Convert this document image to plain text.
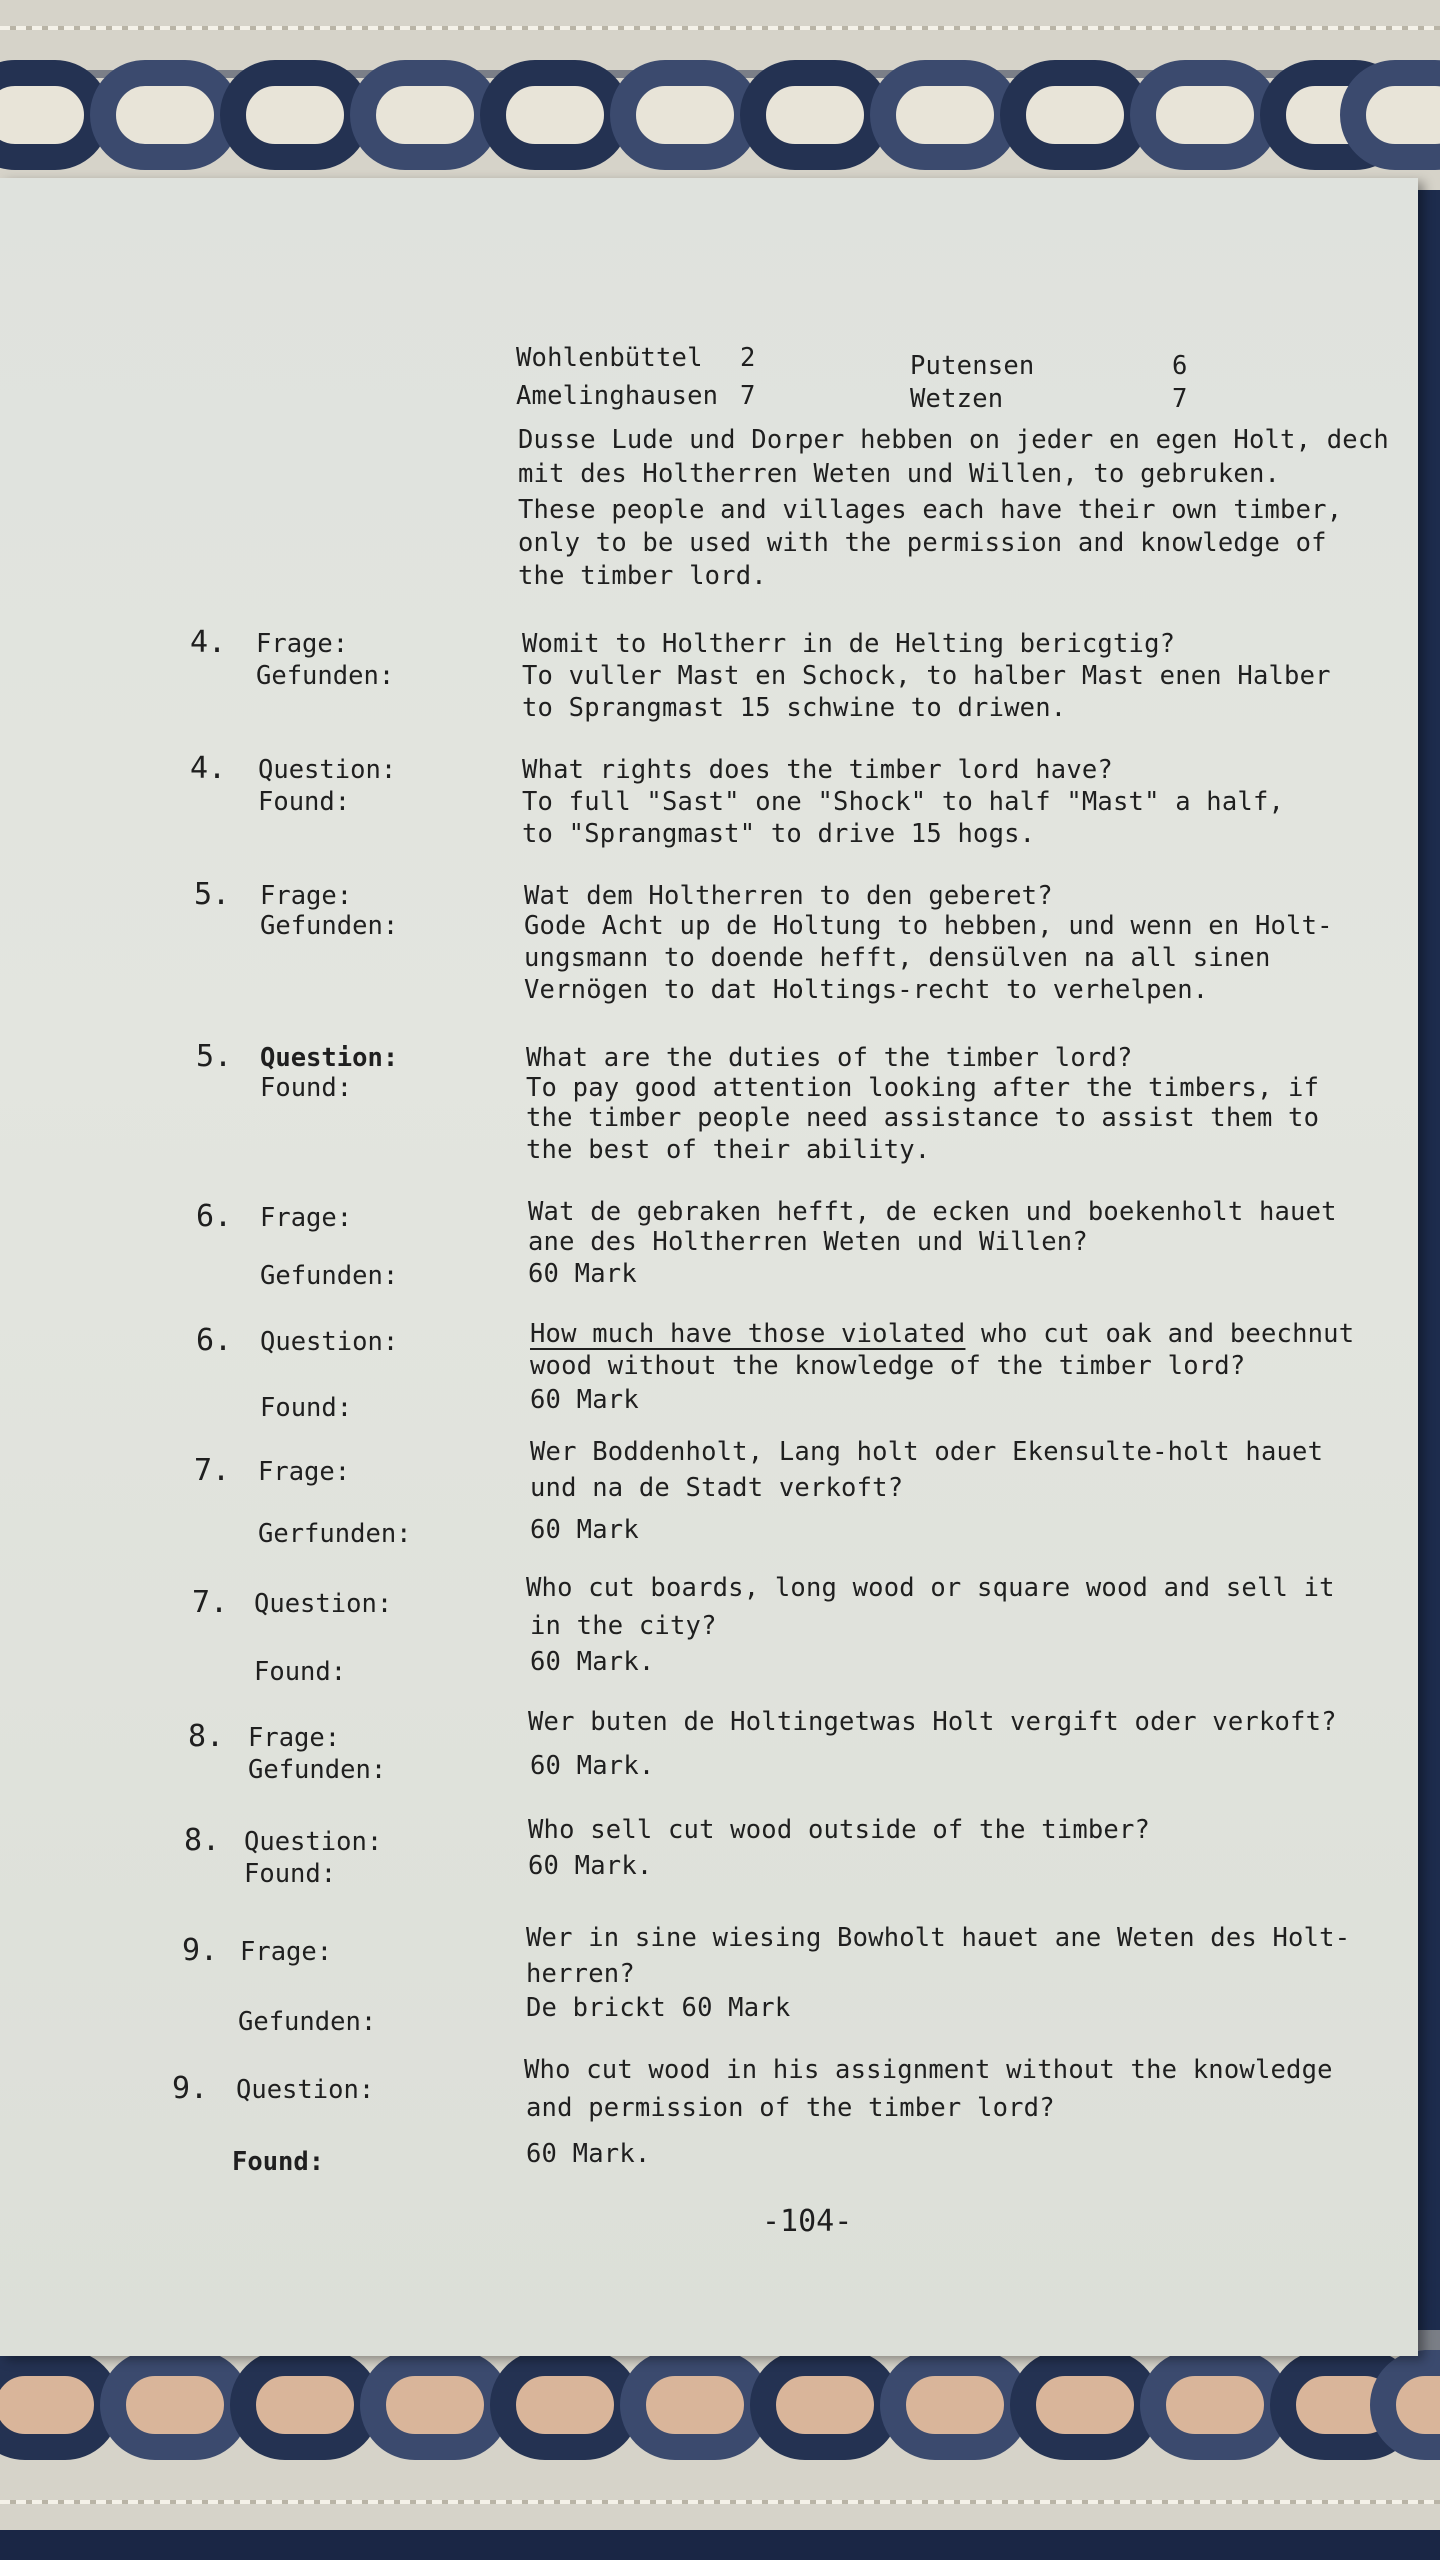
Wohlenbüttel 2
Amelinghausen 7
Putensen	6
Wetzen	7
Dusse Lude und Dorper hebben on jeder en egen Holt, dech
mit des Holtherren Weten und Willen, to gebruken.
These people and villages each have their own timber,
only to be used with the permission and knowledge of
the timber lord.
4. Frage:
Gefunden:
Womit to Holtherr in de Helting bericgtig?
To vuller Mast en Schock, to halber Mast enen Halber
to Sprangmast 15 schwine to driwen.
4. Question:
Found:
What rights does the timber lord have?
To full "Sast" one "Shock" to half "Mast" a half,
to "Sprangmast" to drive 15 hogs.
5. Frage:
Gefunden:
Wat dem Holtherren to den geberet?
Gode Acht up de Holtung to hebben, und wenn en Holt-
ungsmann to doende hefft, densülven na all sinen
Vernögen to dat Holtings-recht to verhelpen.
5. Question:
Found:
What are the duties of the timber lord?
To pay good attention looking after the timbers, if
the timber people need assistance to assist them to
the best of their ability.
6. Frage:
Gefunden:
Wat de gebraken hefft, de ecken und boekenholt hauet
ane des Holtherren Weten und Willen?
60 Mark
6. Question:
Found:
How much have those violated who cut oak and beechnut
wood without the knowledge of the timber lord?
60 Mark
7. Frage:
Gerfunden:
Wer Boddenholt, Lang holt oder Ekensulte-holt hauet
und na de Stadt verkoft?
60 Mark
7. Question:
Found:
Who cut boards, long wood or square wood and sell it
in the city?
60 Mark.
8. Frage:
Gefunden:
Wer buten de Holtingetwas Holt vergift oder verkoft?
60 Mark.
8. Question:
Found:
Who sell cut wood outside of the timber?
60 Mark.
9. Frage:
Gefunden:
Wer in sine wiesing Bowholt hauet ane Weten des Holt-
herren?
De brickt 60 Mark
9. Question:
Found:
Who cut wood in his assignment without the knowledge
and permission of the timber lord?
60 Mark.
-104-
